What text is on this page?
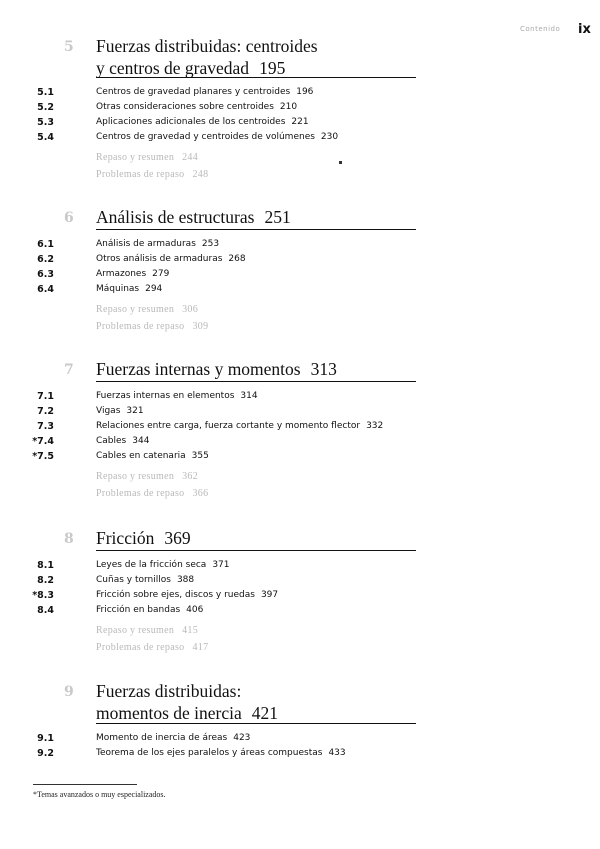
Contenido ix
5 Fuerzas distribuidas: centroides
y centros de gravedad 195
5.1	Centros de gravedad planares y centroides 196
5.2	Otras consideraciones sobre centroides 210
5.3	Aplicaciones adicionales de los centroides 221
5.4	Centros de gravedad y centroides de volúmenes 230
Repaso y resumen 244
Problemas de repaso 248
6 Análisis de estructuras 251
6.1	Análisis de armaduras 253
6.2	Otros análisis de armaduras 268
6.3	Armazones 279
6.4	Máquinas 294
Repaso y resumen 306
Problemas de repaso 309
7 Fuerzas internas y momentos 313
7.1	Fuerzas internas en elementos 314
7.2	Vigas 321
7.3	Relaciones entre carga, fuerza cortante y momento flector 332
*7.4	Cables 344
*7.5	Cables en catenaria 355
Repaso y resumen 362
Problemas de repaso 366
8 Fricción 369
8.1	Leyes de la fricción seca 371
8.2	Cuñas y tornillos 388
*8.3	Fricción sobre ejes, discos y ruedas 397
8.4	Fricción en bandas 406
Repaso y resumen 415
Problemas de repaso 417
9 Fuerzas distribuidas:
momentos de inercia 421
9.1	Momento de inercia de áreas 423
9.2	Teorema de los ejes paralelos y áreas compuestas 433
*Temas avanzados o muy especializados.
